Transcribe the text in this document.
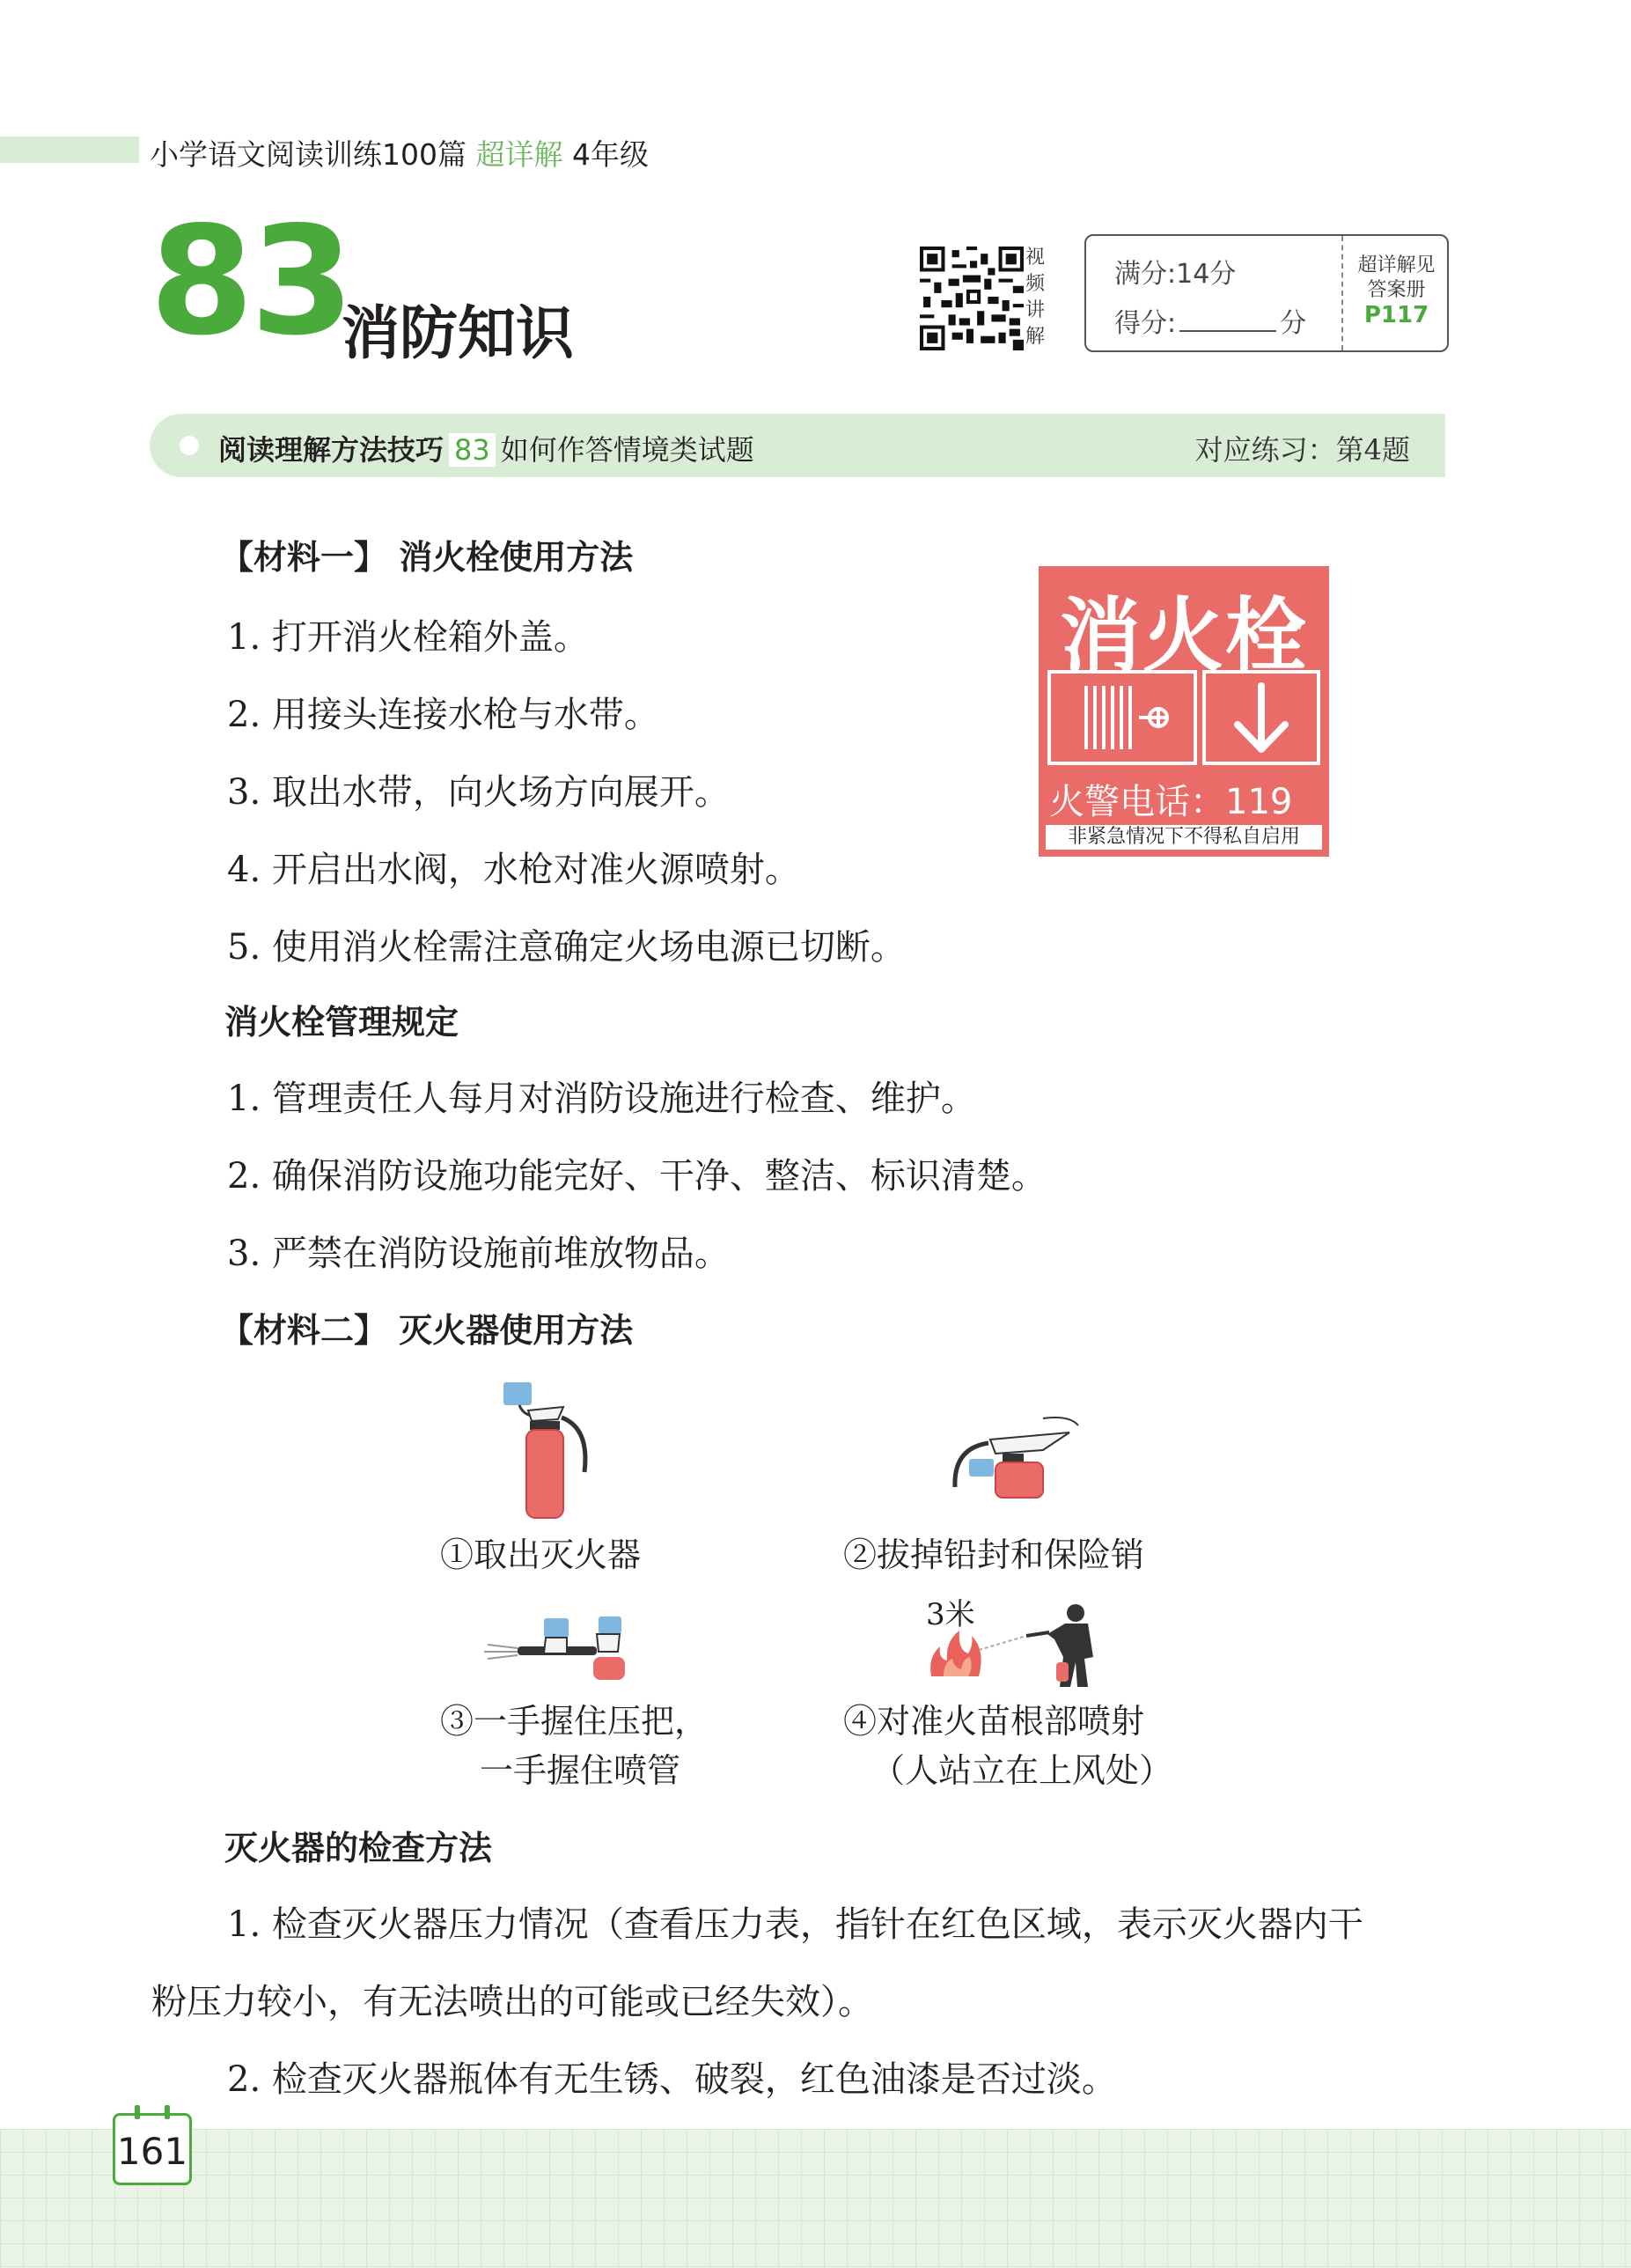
小学语文阅读训练100篇 超详解 4年级
83
消防知识
视频讲解
满分:14分
得分:	分
超详解见答案册
P117
阅读理解方法技巧 83 如何作答情境类试题	对应练习：第4题
【材料一】 消火栓使用方法
1. 打开消火栓箱外盖。
2. 用接头连接水枪与水带。
3. 取出水带，向火场方向展开。
4. 开启出水阀，水枪对准火源喷射。
5. 使用消火栓需注意确定火场电源已切断。
消火栓管理规定
1. 管理责任人每月对消防设施进行检查、维护。
2. 确保消防设施功能完好、干净、整洁、标识清楚。
3. 严禁在消防设施前堆放物品。
消火栓
火警电话：119
非紧急情况下不得私自启用
【材料二】 灭火器使用方法
①取出灭火器	②拔掉铅封和保险销
3米
③一手握住压把，
一手握住喷管
④对准火苗根部喷射
（人站立在上风处）
灭火器的检查方法
1. 检查灭火器压力情况（查看压力表，指针在红色区域，表示灭火器内干
粉压力较小，有无法喷出的可能或已经失效）。
2. 检查灭火器瓶体有无生锈、破裂，红色油漆是否过淡。
161
